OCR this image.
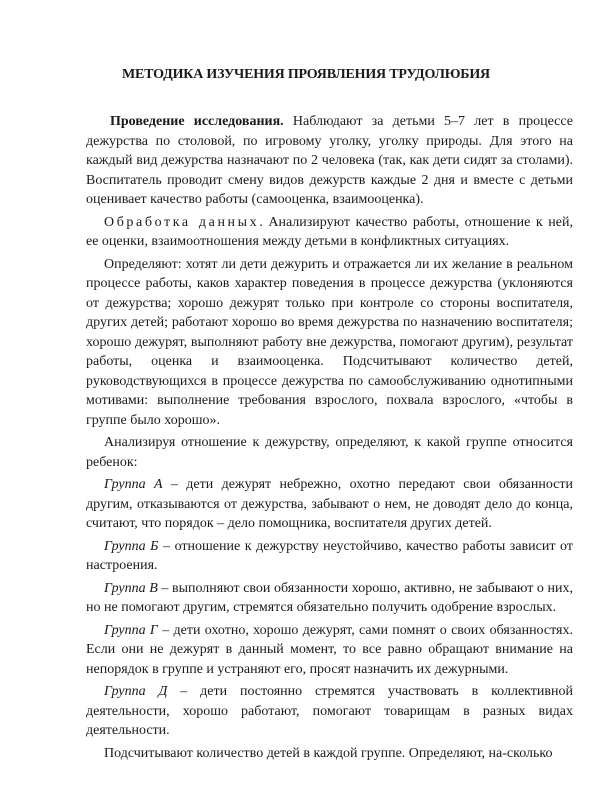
МЕТОДИКА ИЗУЧЕНИЯ ПРОЯВЛЕНИЯ ТРУДОЛЮБИЯ

Проведение исследования. Наблюдают за детьми 5–7 лет в процессе дежурства по столовой, по игровому уголку, уголку природы. Для этого на каждый вид дежурства назначают по 2 человека (так, как дети сидят за столами). Воспитатель проводит смену видов дежурств каждые 2 дня и вместе с детьми оценивает качество работы (самооценка, взаимооценка).

Обработка данных. Анализируют качество работы, отношение к ней, ее оценки, взаимоотношения между детьми в конфликтных ситуациях.

Определяют: хотят ли дети дежурить и отражается ли их желание в реальном процессе работы, каков характер поведения в процессе дежурства (уклоняются от дежурства; хорошо дежурят только при контроле со стороны воспитателя, других детей; работают хорошо во время дежурства по назначению воспитателя; хорошо дежурят, выполняют работу вне дежурства, помогают другим), результат работы, оценка и взаимооценка. Подсчитывают количество детей, руководствующихся в процессе дежурства по самообслуживанию однотипными мотивами: выполнение требования взрослого, похвала взрослого, «чтобы в группе было хорошо».

Анализируя отношение к дежурству, определяют, к какой группе относится ребенок:

Группа А – дети дежурят небрежно, охотно передают свои обязанности другим, отказываются от дежурства, забывают о нем, не доводят дело до конца, считают, что порядок – дело помощника, воспитателя других детей.

Группа Б – отношение к дежурству неустойчиво, качество работы зависит от настроения.

Группа В – выполняют свои обязанности хорошо, активно, не забывают о них, но не помогают другим, стремятся обязательно получить одобрение взрослых.

Группа Г – дети охотно, хорошо дежурят, сами помнят о своих обязанностях. Если они не дежурят в данный момент, то все равно обращают внимание на непорядок в группе и устраняют его, просят назначить их дежурными.

Группа Д – дети постоянно стремятся участвовать в коллективной деятельности, хорошо работают, помогают товарищам в разных видах деятельности.

Подсчитывают количество детей в каждой группе. Определяют, на-сколько
